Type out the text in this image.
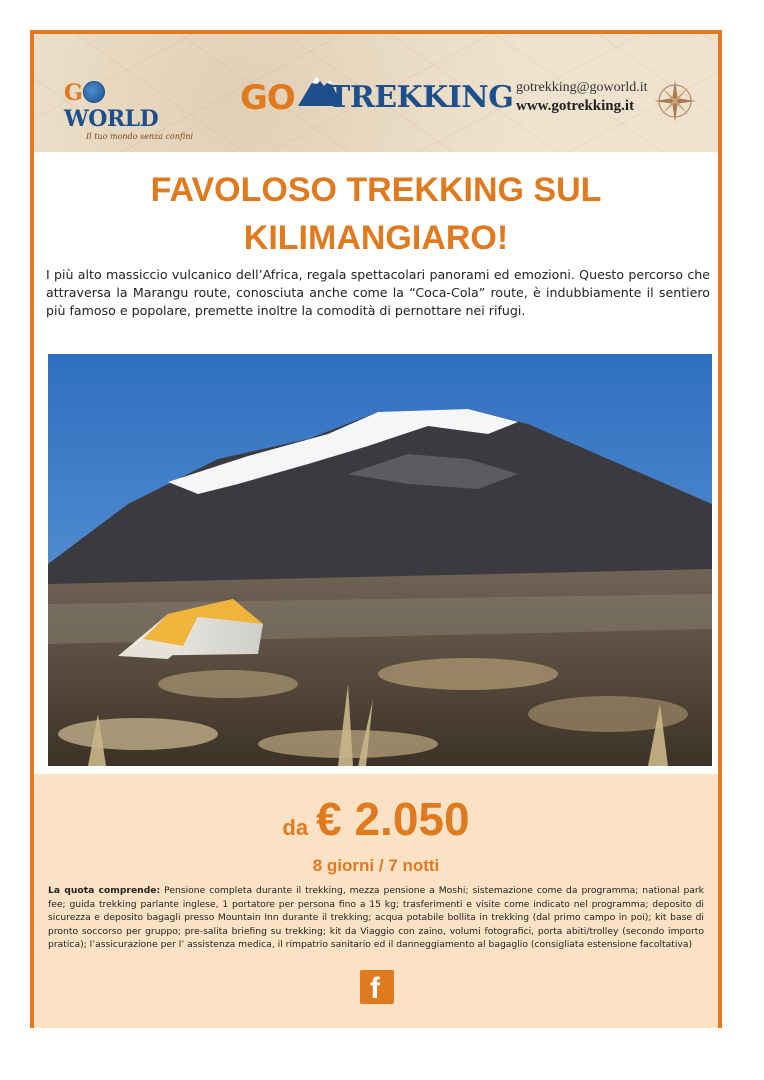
GWORLD
Il tuo mondo senza confini
GO TREKKING gotrekking@goworld.it
www.gotrekking.it
FAVOLOSO TREKKING SUL
KILIMANGIARO!
I più alto massiccio vulcanico dell’Africa, regala spettacolari panorami ed emozioni. Questo percorso che attraversa la Marangu route, conosciuta anche come la “Coca-Cola” route, è indubbiamente il sentiero più famoso e popolare, premette inoltre la comodità di pernottare nei rifugi.
da € 2.050
8 giorni / 7 notti
La quota comprende: Pensione completa durante il trekking, mezza pensione a Moshi; sistemazione come da programma; national park fee; guida trekking parlante inglese, 1 portatore per persona fino a 15 kg; trasferimenti e visite come indicato nel programma; deposito di sicurezza e deposito bagagli presso Mountain Inn durante il trekking; acqua potabile bollita in trekking (dal primo campo in poi); kit base di pronto soccorso per gruppo; pre-salita briefing su trekking; kit da Viaggio con zaino, volumi fotografici, porta abiti/trolley (secondo importo pratica); l’assicurazione per l’ assistenza medica, il rimpatrio sanitario ed il danneggiamento al bagaglio (consigliata estensione facoltativa)
f
